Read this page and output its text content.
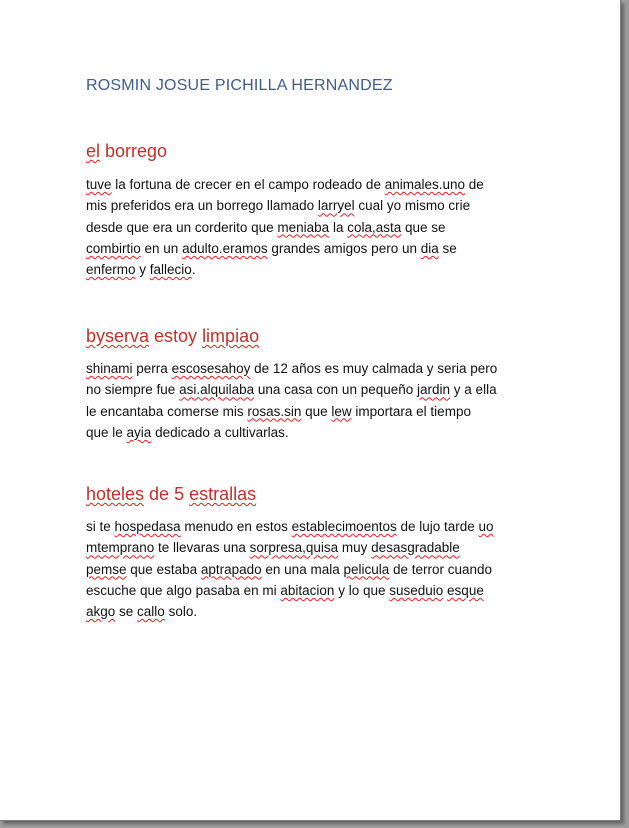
ROSMIN JOSUE PICHILLA HERNANDEZ
el borrego
tuve la fortuna de crecer en el campo rodeado de animales.uno de
mis preferidos era un borrego llamado larryel cual yo mismo crie
desde que era un corderito que meniaba la cola,asta que se
combirtio en un adulto.eramos grandes amigos pero un dia se
enfermo y fallecio.
byserva estoy limpiao
shinami perra escosesahoy de 12 años es muy calmada y seria pero
no siempre fue asi.alquilaba una casa con un pequeño jardin y a ella
le encantaba comerse mis rosas.sin que lew importara el tiempo
que le ayia dedicado a cultivarlas.
hoteles de 5 estrallas
si te hospedasa menudo en estos establecimoentos de lujo tarde uo
mtemprano te llevaras una sorpresa,quisa muy desasgradable
pemse que estaba aptrapado en una mala pelicula de terror cuando
escuche que algo pasaba en mi abitacion y lo que suseduio esque
akgo se callo solo.
